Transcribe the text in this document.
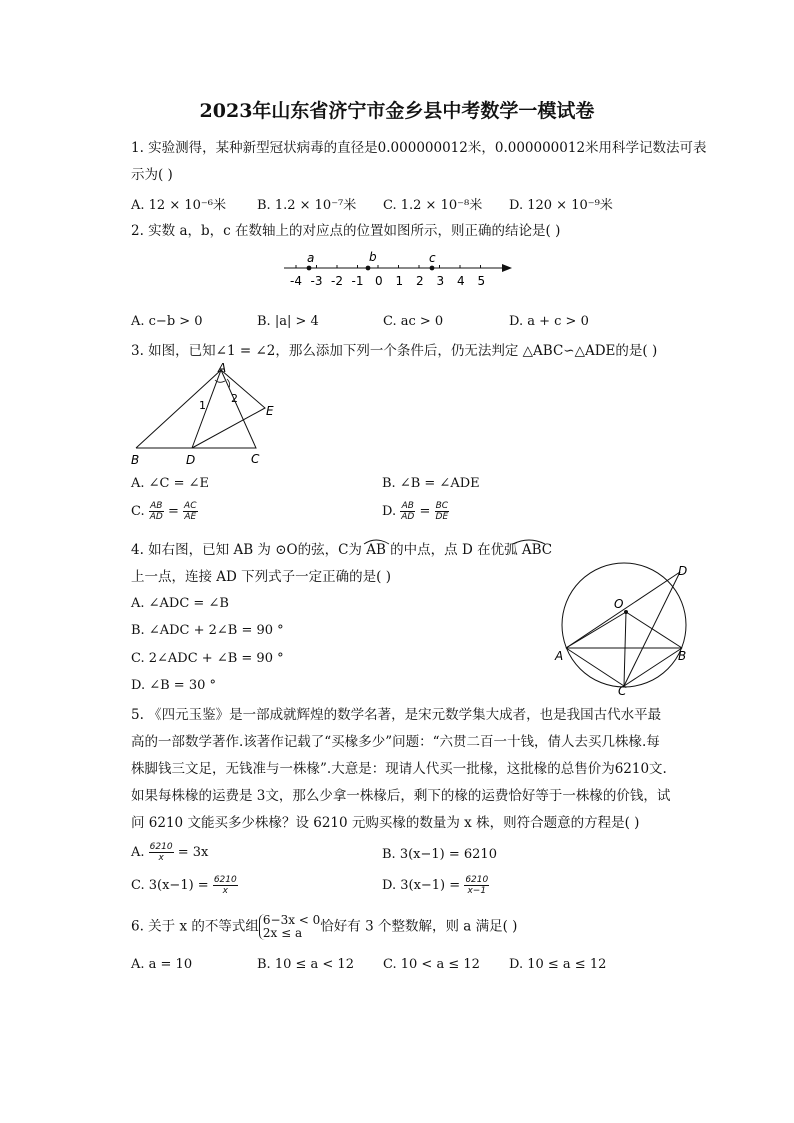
2023年山东省济宁市金乡县中考数学一模试卷
1. 实验测得，某种新型冠状病毒的直径是0.000000012米，0.000000012米用科学记数法可表
示为( )
A. 12 × 10⁻⁶米 B. 1.2 × 10⁻⁷米 C. 1.2 × 10⁻⁸米 D. 120 × 10⁻⁹米
2. 实数 a，b，c 在数轴上的对应点的位置如图所示，则正确的结论是( )
-4 -3 -2 -1 0 1 2 3 4 5
a	b	c
A. c−b > 0	B. |a| > 4	C. ac > 0	D. a + c > 0
3. 如图，已知∠1 = ∠2，那么添加下列一个条件后，仍无法判定 △ABC∽△ADE的是( )
A
B	C
D
E
1
2
A. ∠C = ∠E	B. ∠B = ∠ADE
C. $\frac{AB}{AD} = \frac{AC}{AE}$	D. $\frac{AB}{AD} = \frac{BC}{DE}$
4. 如右图，已知 AB 为 ⊙O的弦，C为 AB 的中点，点 D 在优弧 ABC
上一点，连接 AD 下列式子一定正确的是( )
A. ∠ADC = ∠B
B. ∠ADC + 2∠B = 90 °
C. 2∠ADC + ∠B = 90 °
D. ∠B = 30 °
O
A	B
C
D
5. 《四元玉鉴》是一部成就辉煌的数学名著，是宋元数学集大成者，也是我国古代水平最
高的一部数学著作.该著作记载了“买椽多少”问题：“六贯二百一十钱，倩人去买几株椽.每
株脚钱三文足，无钱准与一株椽”.大意是：现请人代买一批椽，这批椽的总售价为6210文.
如果每株椽的运费是 3文，那么少拿一株椽后，剩下的椽的运费恰好等于一株椽的价钱，试
问 6210 文能买多少株椽？设 6210 元购买椽的数量为 x 株，则符合题意的方程是( )
A. $\frac{6210}{x} = 3x$	B. 3(x−1) = 6210
C. $3(x-1) = \frac{6210}{x}$	D. $3(x-1) = \frac{6210}{x-1}$
6. 关于 x 的不等式组 6−3x < 0
2x ≤ a	恰好有 3 个整数解，则 a 满足( )
A. a = 10	B. 10 ≤ a < 12 C. 10 < a ≤ 12 D. 10 ≤ a ≤ 12
